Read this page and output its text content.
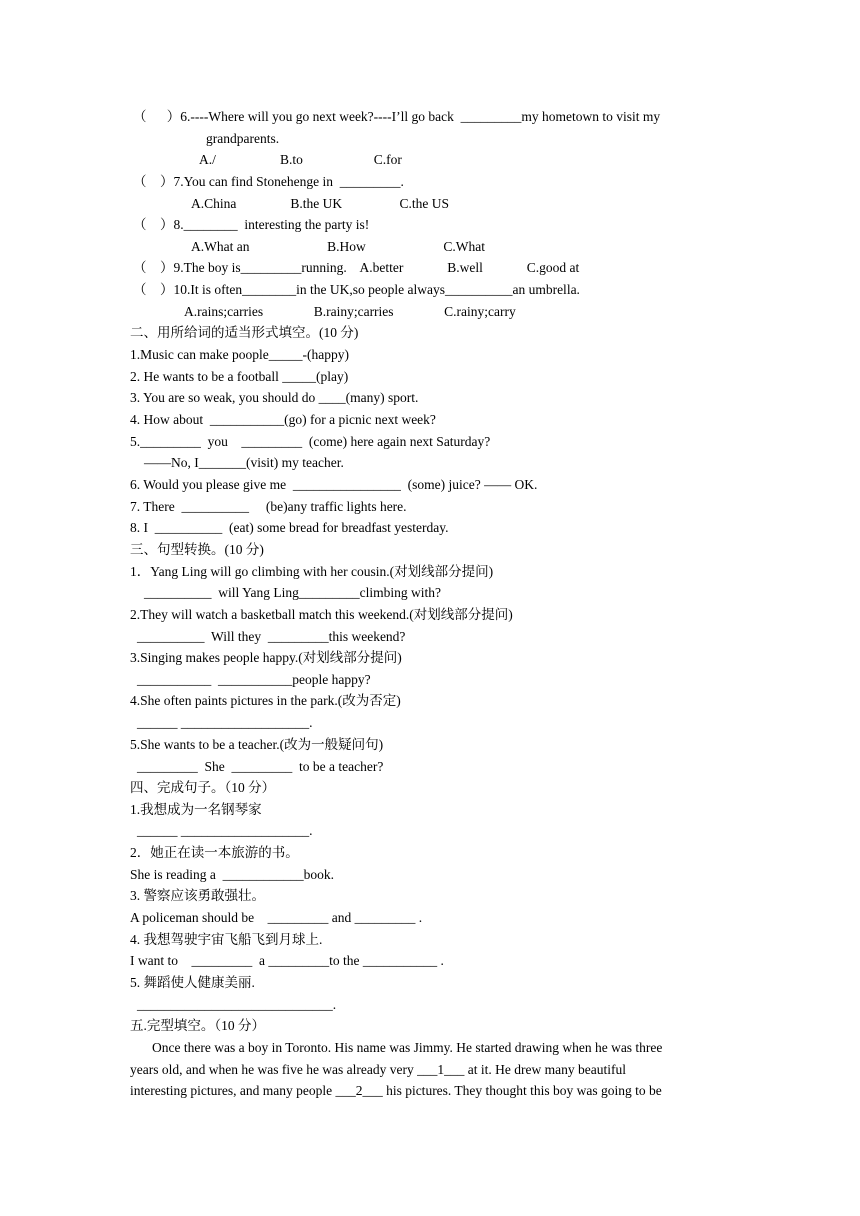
（      ）6.----Where will you go next week?----I’ll go back  _________my hometown to visit my
grandparents.
A./                   B.to                     C.for
（    ）7.You can find Stonehenge in  _________.
A.China                B.the UK                 C.the US
（    ）8.________  interesting the party is!
A.What an                       B.How                       C.What
（    ）9.The boy is_________running.    A.better             B.well             C.good at
（    ）10.It is often________in the UK,so people always__________an umbrella.
A.rains;carries               B.rainy;carries               C.rainy;carry
二、用所给词的适当形式填空。(10 分)
1.Music can make poople_____-(happy)
2. He wants to be a football _____(play)
3. You are so weak, you should do ____(many) sport.
4. How about  ___________(go) for a picnic next week?
5._________  you    _________  (come) here again next Saturday?
——No, I_______(visit) my teacher.
6. Would you please give me  ________________  (some) juice? —— OK.
7. There  __________     (be)any traffic lights here.
8. I  __________  (eat) some bread for breadfast yesterday.
三、句型转换。(10 分)
1．Yang Ling will go climbing with her cousin.(对划线部分提问)
__________  will Yang Ling_________climbing with?
2.They will watch a basketball match this weekend.(对划线部分提问)
__________  Will they  _________this weekend?
3.Singing makes people happy.(对划线部分提问)
___________  ___________people happy?
4.She often paints pictures in the park.(改为否定)
______ ___________________.
5.She wants to be a teacher.(改为一般疑问句)
_________  She  _________  to be a teacher?
四、完成句子。（10 分）
1.我想成为一名钢琴家
______ ___________________.
2．她正在读一本旅游的书。
She is reading a  ____________book.
3. 警察应该勇敢强壮。
A policeman should be    _________ and _________ .
4. 我想驾驶宇宙飞船飞到月球上.
I want to    _________  a _________to the ___________ .
5. 舞蹈使人健康美丽.
_____________________________.
五.完型填空。（10 分）
Once there was a boy in Toronto. His name was Jimmy. He started drawing when he was three
years old, and when he was five he was already very ___1___ at it. He drew many beautiful
interesting pictures, and many people ___2___ his pictures. They thought this boy was going to be
